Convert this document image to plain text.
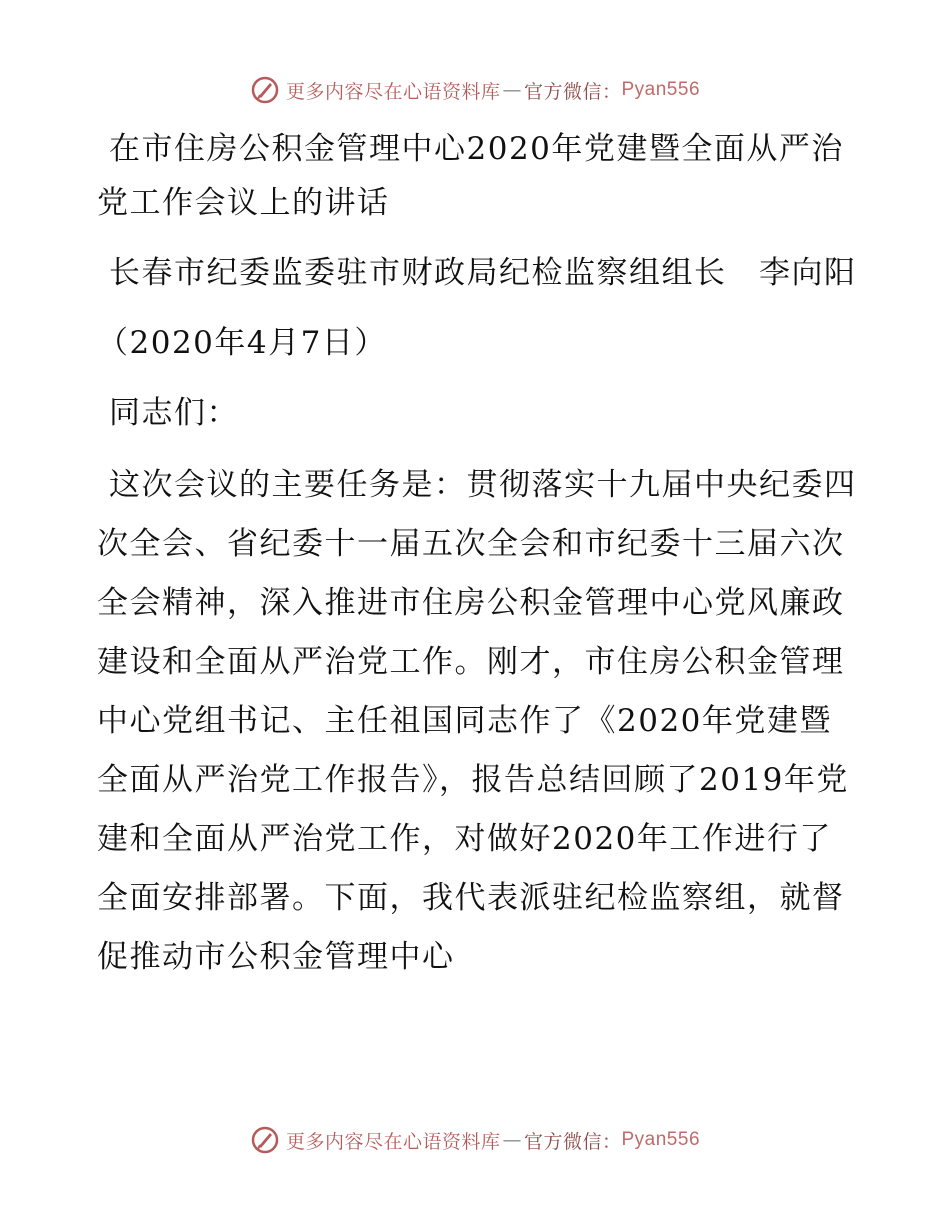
更多内容尽在心语资料库 — 官方微信： Pyan556

在市住房公积金管理中心2020年党建暨全面从严治党工作会议上的讲话

长春市纪委监委驻市财政局纪检监察组组长　李向阳

（2020年4月7日）

同志们：

这次会议的主要任务是：贯彻落实十九届中央纪委四次全会、省纪委十一届五次全会和市纪委十三届六次全会精神，深入推进市住房公积金管理中心党风廉政建设和全面从严治党工作。刚才，市住房公积金管理中心党组书记、主任祖国同志作了《2020年党建暨全面从严治党工作报告》，报告总结回顾了2019年党建和全面从严治党工作，对做好2020年工作进行了全面安排部署。下面，我代表派驻纪检监察组，就督促推动市公积金管理中心

更多内容尽在心语资料库 — 官方微信： Pyan556
